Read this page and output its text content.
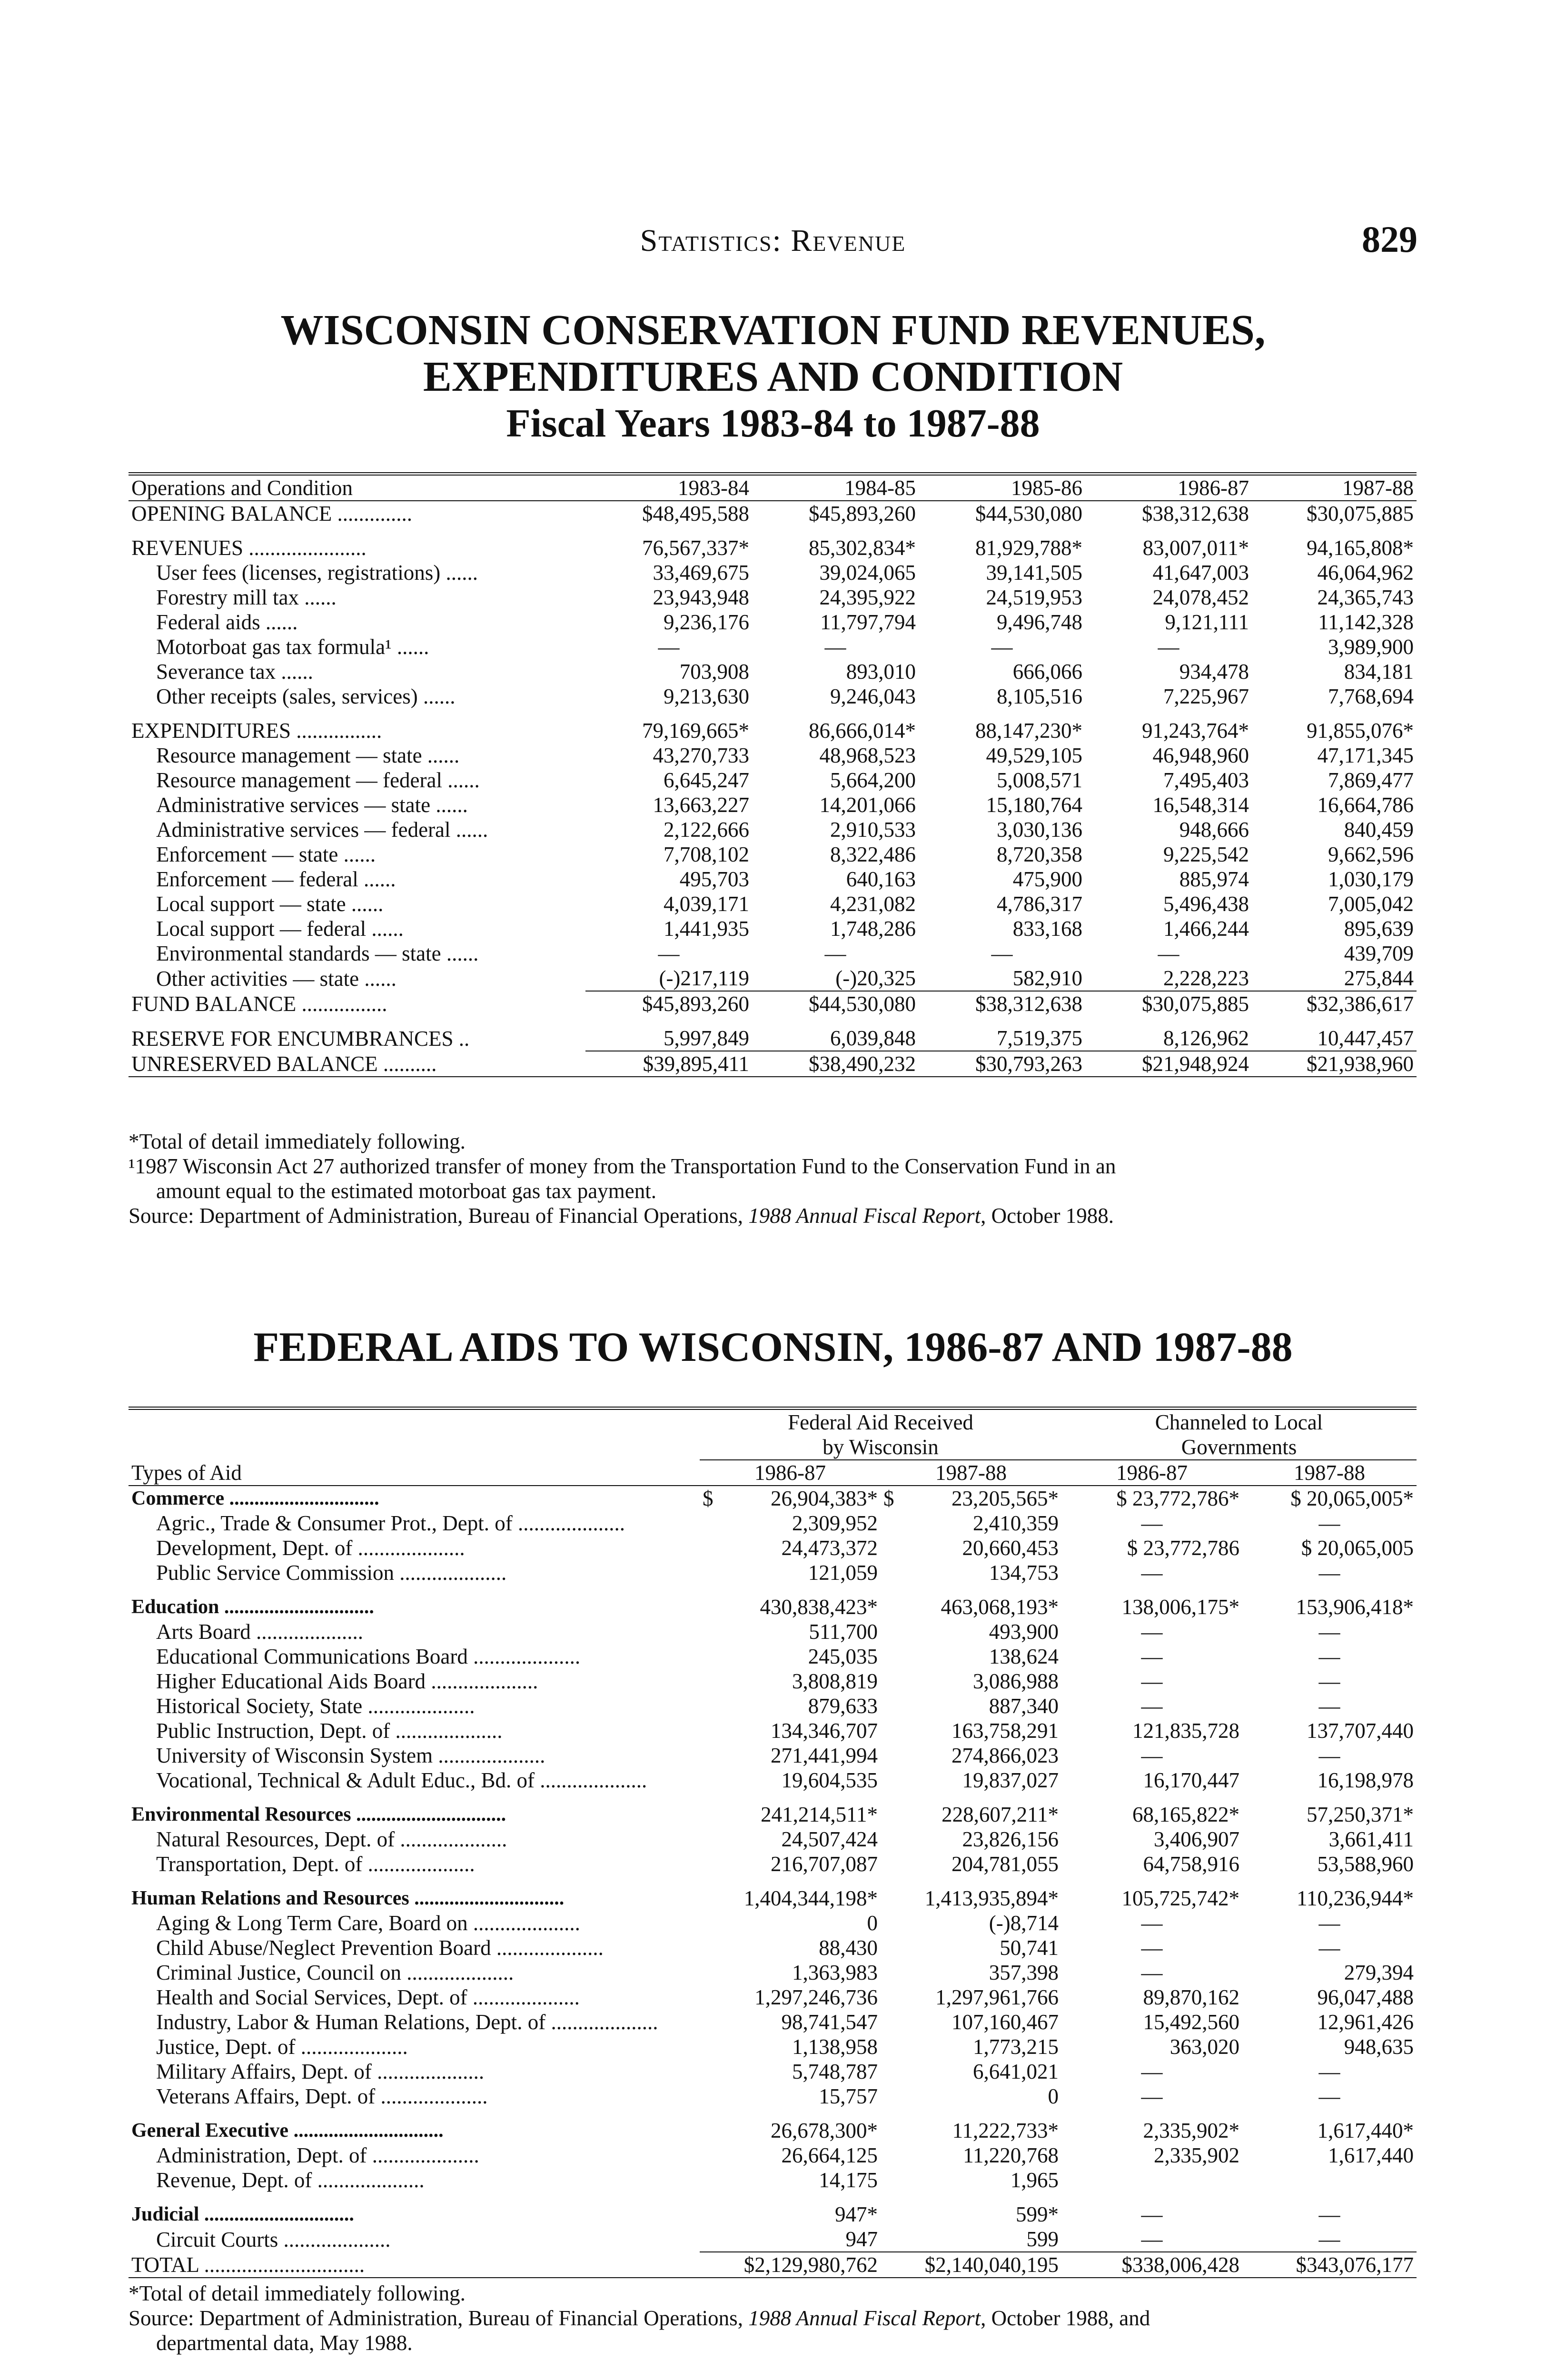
Statistics: Revenue	829
WISCONSIN CONSERVATION FUND REVENUES,
EXPENDITURES AND CONDITION
Fiscal Years 1983-84 to 1987-88
Operations and Condition	1983-84	1984-85	1985-86	1986-87	1987-88
OPENING BALANCE ..............	$48,495,588	$45,893,260	$44,530,080	$38,312,638	$30,075,885

REVENUES ......................	76,567,337*	85,302,834*	81,929,788*	83,007,011*	94,165,808*
User fees (licenses, registrations) ......	33,469,675	39,024,065	39,141,505	41,647,003	46,064,962
Forestry mill tax ......	23,943,948	24,395,922	24,519,953	24,078,452	24,365,743
Federal aids ......	9,236,176	11,797,794	9,496,748	9,121,111	11,142,328
Motorboat gas tax formula¹ ......	—	—	—	—	3,989,900
Severance tax ......	703,908	893,010	666,066	934,478	834,181
Other receipts (sales, services) ......	9,213,630	9,246,043	8,105,516	7,225,967	7,768,694

EXPENDITURES ................	79,169,665*	86,666,014*	88,147,230*	91,243,764*	91,855,076*
Resource management — state ......	43,270,733	48,968,523	49,529,105	46,948,960	47,171,345
Resource management — federal ......	6,645,247	5,664,200	5,008,571	7,495,403	7,869,477
Administrative services — state ......	13,663,227	14,201,066	15,180,764	16,548,314	16,664,786
Administrative services — federal ......	2,122,666	2,910,533	3,030,136	948,666	840,459
Enforcement — state ......	7,708,102	8,322,486	8,720,358	9,225,542	9,662,596
Enforcement — federal ......	495,703	640,163	475,900	885,974	1,030,179
Local support — state ......	4,039,171	4,231,082	4,786,317	5,496,438	7,005,042
Local support — federal ......	1,441,935	1,748,286	833,168	1,466,244	895,639
Environmental standards — state ......	—	—	—	—	439,709
Other activities — state ......	(-)217,119	(-)20,325	582,910	2,228,223	275,844
FUND BALANCE ................	$45,893,260	$44,530,080	$38,312,638	$30,075,885	$32,386,617

RESERVE FOR ENCUMBRANCES ..	5,997,849	6,039,848	7,519,375	8,126,962	10,447,457
UNRESERVED BALANCE ..........	$39,895,411	$38,490,232	$30,793,263	$21,948,924	$21,938,960
*Total of detail immediately following.
¹1987 Wisconsin Act 27 authorized transfer of money from the Transportation Fund to the Conservation Fund in an
amount equal to the estimated motorboat gas tax payment.
Source: Department of Administration, Bureau of Financial Operations, 1988 Annual Fiscal Report, October 1988.
FEDERAL AIDS TO WISCONSIN, 1986-87 AND 1987-88
	Federal Aid Received
by Wisconsin				Channeled to Local
Governments	
Types of Aid	1986-87		1987-88		1986-87	1987-88
Commerce ..............................	$	26,904,383*	$	23,205,565*	$ 23,772,786*	$ 20,065,005*
Agric., Trade & Consumer Prot., Dept. of ....................		2,309,952		2,410,359	—	—
Development, Dept. of ....................		24,473,372		20,660,453	$ 23,772,786	$ 20,065,005
Public Service Commission ....................		121,059		134,753	—	—

Education ..............................		430,838,423*		463,068,193*	138,006,175*	153,906,418*
Arts Board ....................		511,700		493,900	—	—
Educational Communications Board ....................		245,035		138,624	—	—
Higher Educational Aids Board ....................		3,808,819		3,086,988	—	—
Historical Society, State ....................		879,633		887,340	—	—
Public Instruction, Dept. of ....................		134,346,707		163,758,291	121,835,728	137,707,440
University of Wisconsin System ....................		271,441,994		274,866,023	—	—
Vocational, Technical & Adult Educ., Bd. of ....................		19,604,535		19,837,027	16,170,447	16,198,978

Environmental Resources ..............................		241,214,511*		228,607,211*	68,165,822*	57,250,371*
Natural Resources, Dept. of ....................		24,507,424		23,826,156	3,406,907	3,661,411
Transportation, Dept. of ....................		216,707,087		204,781,055	64,758,916	53,588,960

Human Relations and Resources ..............................		1,404,344,198*		1,413,935,894*	105,725,742*	110,236,944*
Aging & Long Term Care, Board on ....................		0		(-)8,714	—	—
Child Abuse/Neglect Prevention Board ....................		88,430		50,741	—	—
Criminal Justice, Council on ....................		1,363,983		357,398	—	279,394
Health and Social Services, Dept. of ....................		1,297,246,736		1,297,961,766	89,870,162	96,047,488
Industry, Labor & Human Relations, Dept. of ....................		98,741,547		107,160,467	15,492,560	12,961,426
Justice, Dept. of ....................		1,138,958		1,773,215	363,020	948,635
Military Affairs, Dept. of ....................		5,748,787		6,641,021	—	—
Veterans Affairs, Dept. of ....................		15,757		0	—	—

General Executive ..............................		26,678,300*		11,222,733*	2,335,902*	1,617,440*
Administration, Dept. of ....................		26,664,125		11,220,768	2,335,902	1,617,440
Revenue, Dept. of ....................		14,175		1,965		

Judicial ..............................		947*		599*	—	—
Circuit Courts ....................		947		599	—	—
TOTAL ..............................		$2,129,980,762		$2,140,040,195	$338,006,428	$343,076,177
*Total of detail immediately following.
Source: Department of Administration, Bureau of Financial Operations, 1988 Annual Fiscal Report, October 1988, and
departmental data, May 1988.
